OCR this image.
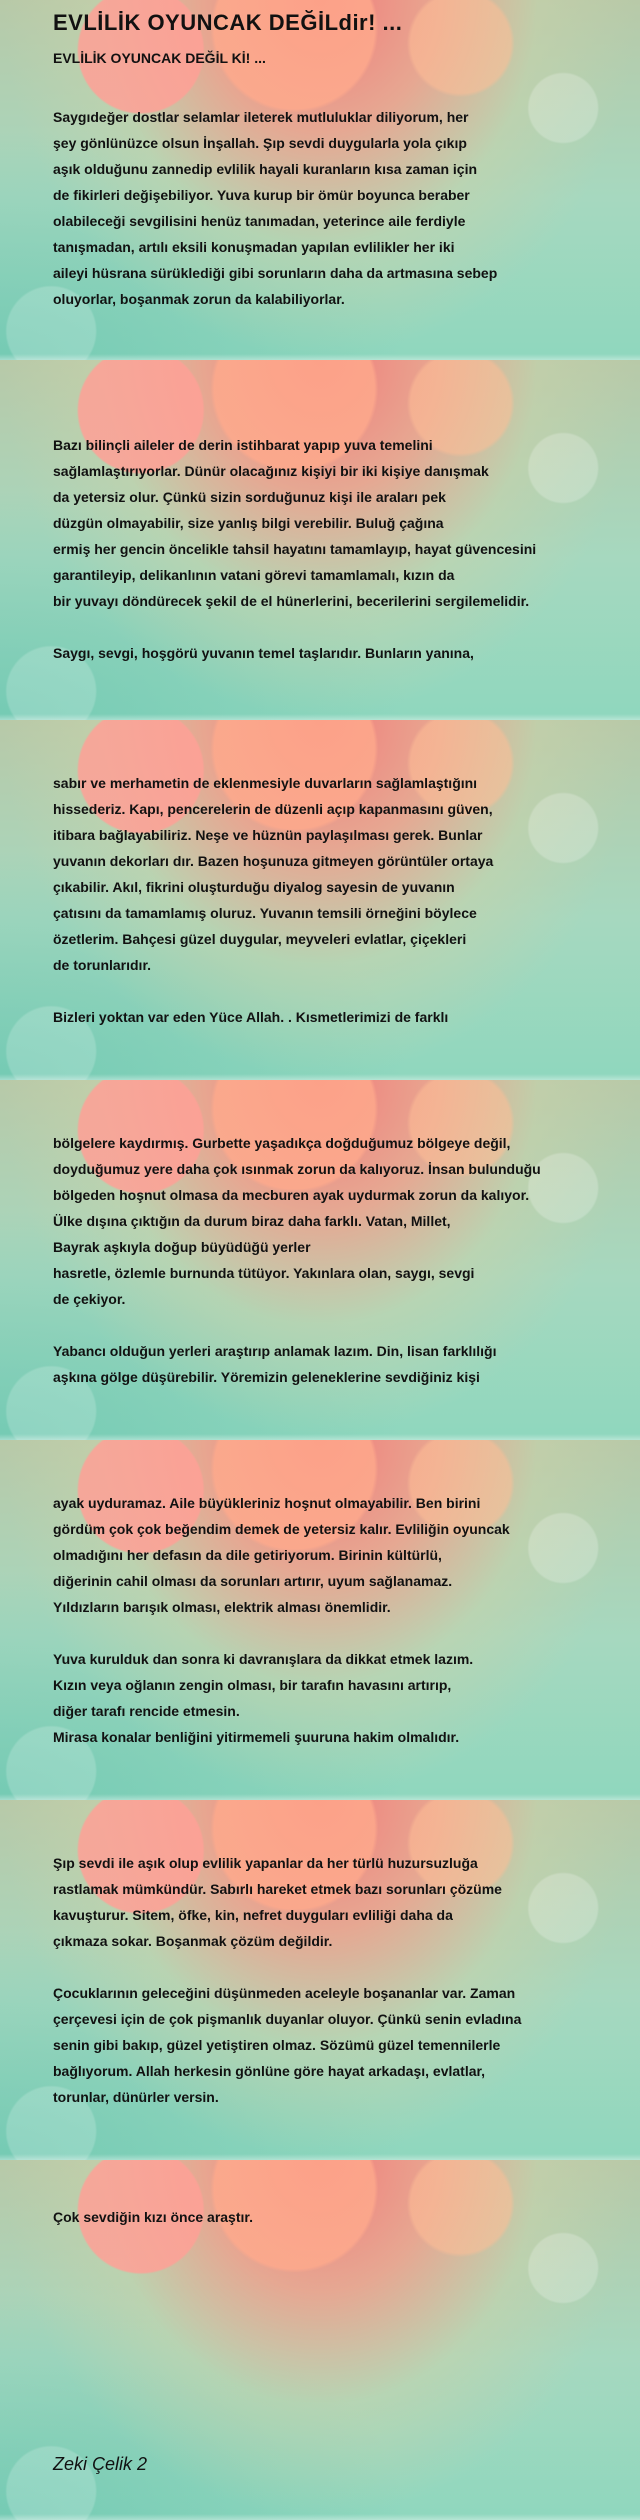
EVLİLİK OYUNCAK DEĞİLdir! ...
EVLİLİK OYUNCAK DEĞİL Kİ! ...
Saygıdeğer dostlar selamlar ileterek mutluluklar diliyorum, her
şey gönlünüzce olsun İnşallah. Şıp sevdi duygularla yola çıkıp
aşık olduğunu zannedip evlilik hayali kuranların kısa zaman için
de fikirleri değişebiliyor. Yuva kurup bir ömür boyunca beraber
olabileceği sevgilisini henüz tanımadan, yeterince aile ferdiyle
tanışmadan, artılı eksili konuşmadan yapılan evlilikler her iki
aileyi hüsrana sürüklediği gibi sorunların daha da artmasına sebep
oluyorlar, boşanmak zorun da kalabiliyorlar.
Bazı bilinçli aileler de derin istihbarat yapıp yuva temelini
sağlamlaştırıyorlar. Dünür olacağınız kişiyi bir iki kişiye danışmak
da yetersiz olur. Çünkü sizin sorduğunuz kişi ile araları pek
düzgün olmayabilir, size yanlış bilgi verebilir. Buluğ çağına
ermiş her gencin öncelikle tahsil hayatını tamamlayıp, hayat güvencesini
garantileyip, delikanlının vatani görevi tamamlamalı, kızın da
bir yuvayı döndürecek şekil de el hünerlerini, becerilerini sergilemelidir.
Saygı, sevgi, hoşgörü yuvanın temel taşlarıdır. Bunların yanına,
sabır ve merhametin de eklenmesiyle duvarların sağlamlaştığını
hissederiz. Kapı, pencerelerin de düzenli açıp kapanmasını güven,
itibara bağlayabiliriz. Neşe ve hüznün paylaşılması gerek. Bunlar
yuvanın dekorları dır. Bazen hoşunuza gitmeyen görüntüler ortaya
çıkabilir. Akıl, fikrini oluşturduğu diyalog sayesin de yuvanın
çatısını da tamamlamış oluruz. Yuvanın temsili örneğini böylece
özetlerim. Bahçesi güzel duygular, meyveleri evlatlar, çiçekleri
de torunlarıdır.
Bizleri yoktan var eden Yüce Allah. . Kısmetlerimizi de farklı
bölgelere kaydırmış. Gurbette yaşadıkça doğduğumuz bölgeye değil,
doyduğumuz yere daha çok ısınmak zorun da kalıyoruz. İnsan bulunduğu
bölgeden hoşnut olmasa da mecburen ayak uydurmak zorun da kalıyor.
Ülke dışına çıktığın da durum biraz daha farklı. Vatan, Millet,
Bayrak aşkıyla doğup büyüdüğü yerler
hasretle, özlemle burnunda tütüyor. Yakınlara olan, saygı, sevgi
de çekiyor.
Yabancı olduğun yerleri araştırıp anlamak lazım. Din, lisan farklılığı
aşkına gölge düşürebilir. Yöremizin geleneklerine sevdiğiniz kişi
ayak uyduramaz. Aile büyükleriniz hoşnut olmayabilir. Ben birini
gördüm çok çok beğendim demek de yetersiz kalır. Evliliğin oyuncak
olmadığını her defasın da dile getiriyorum. Birinin kültürlü,
diğerinin cahil olması da sorunları artırır, uyum sağlanamaz.
Yıldızların barışık olması, elektrik alması önemlidir.
Yuva kurulduk dan sonra ki davranışlara da dikkat etmek lazım.
Kızın veya oğlanın zengin olması, bir tarafın havasını artırıp,
diğer tarafı rencide etmesin.
Mirasa konalar benliğini yitirmemeli şuuruna hakim olmalıdır.
Şıp sevdi ile aşık olup evlilik yapanlar da her türlü huzursuzluğa
rastlamak mümkündür. Sabırlı hareket etmek bazı sorunları çözüme
kavuşturur. Sitem, öfke, kin, nefret duyguları evliliği daha da
çıkmaza sokar. Boşanmak çözüm değildir.
Çocuklarının geleceğini düşünmeden aceleyle boşananlar var. Zaman
çerçevesi için de çok pişmanlık duyanlar oluyor. Çünkü senin evladına
senin gibi bakıp, güzel yetiştiren olmaz. Sözümü güzel temennilerle
bağlıyorum. Allah herkesin gönlüne göre hayat arkadaşı, evlatlar,
torunlar, dünürler versin.
Çok sevdiğin kızı önce araştır.
Zeki Çelik 2
